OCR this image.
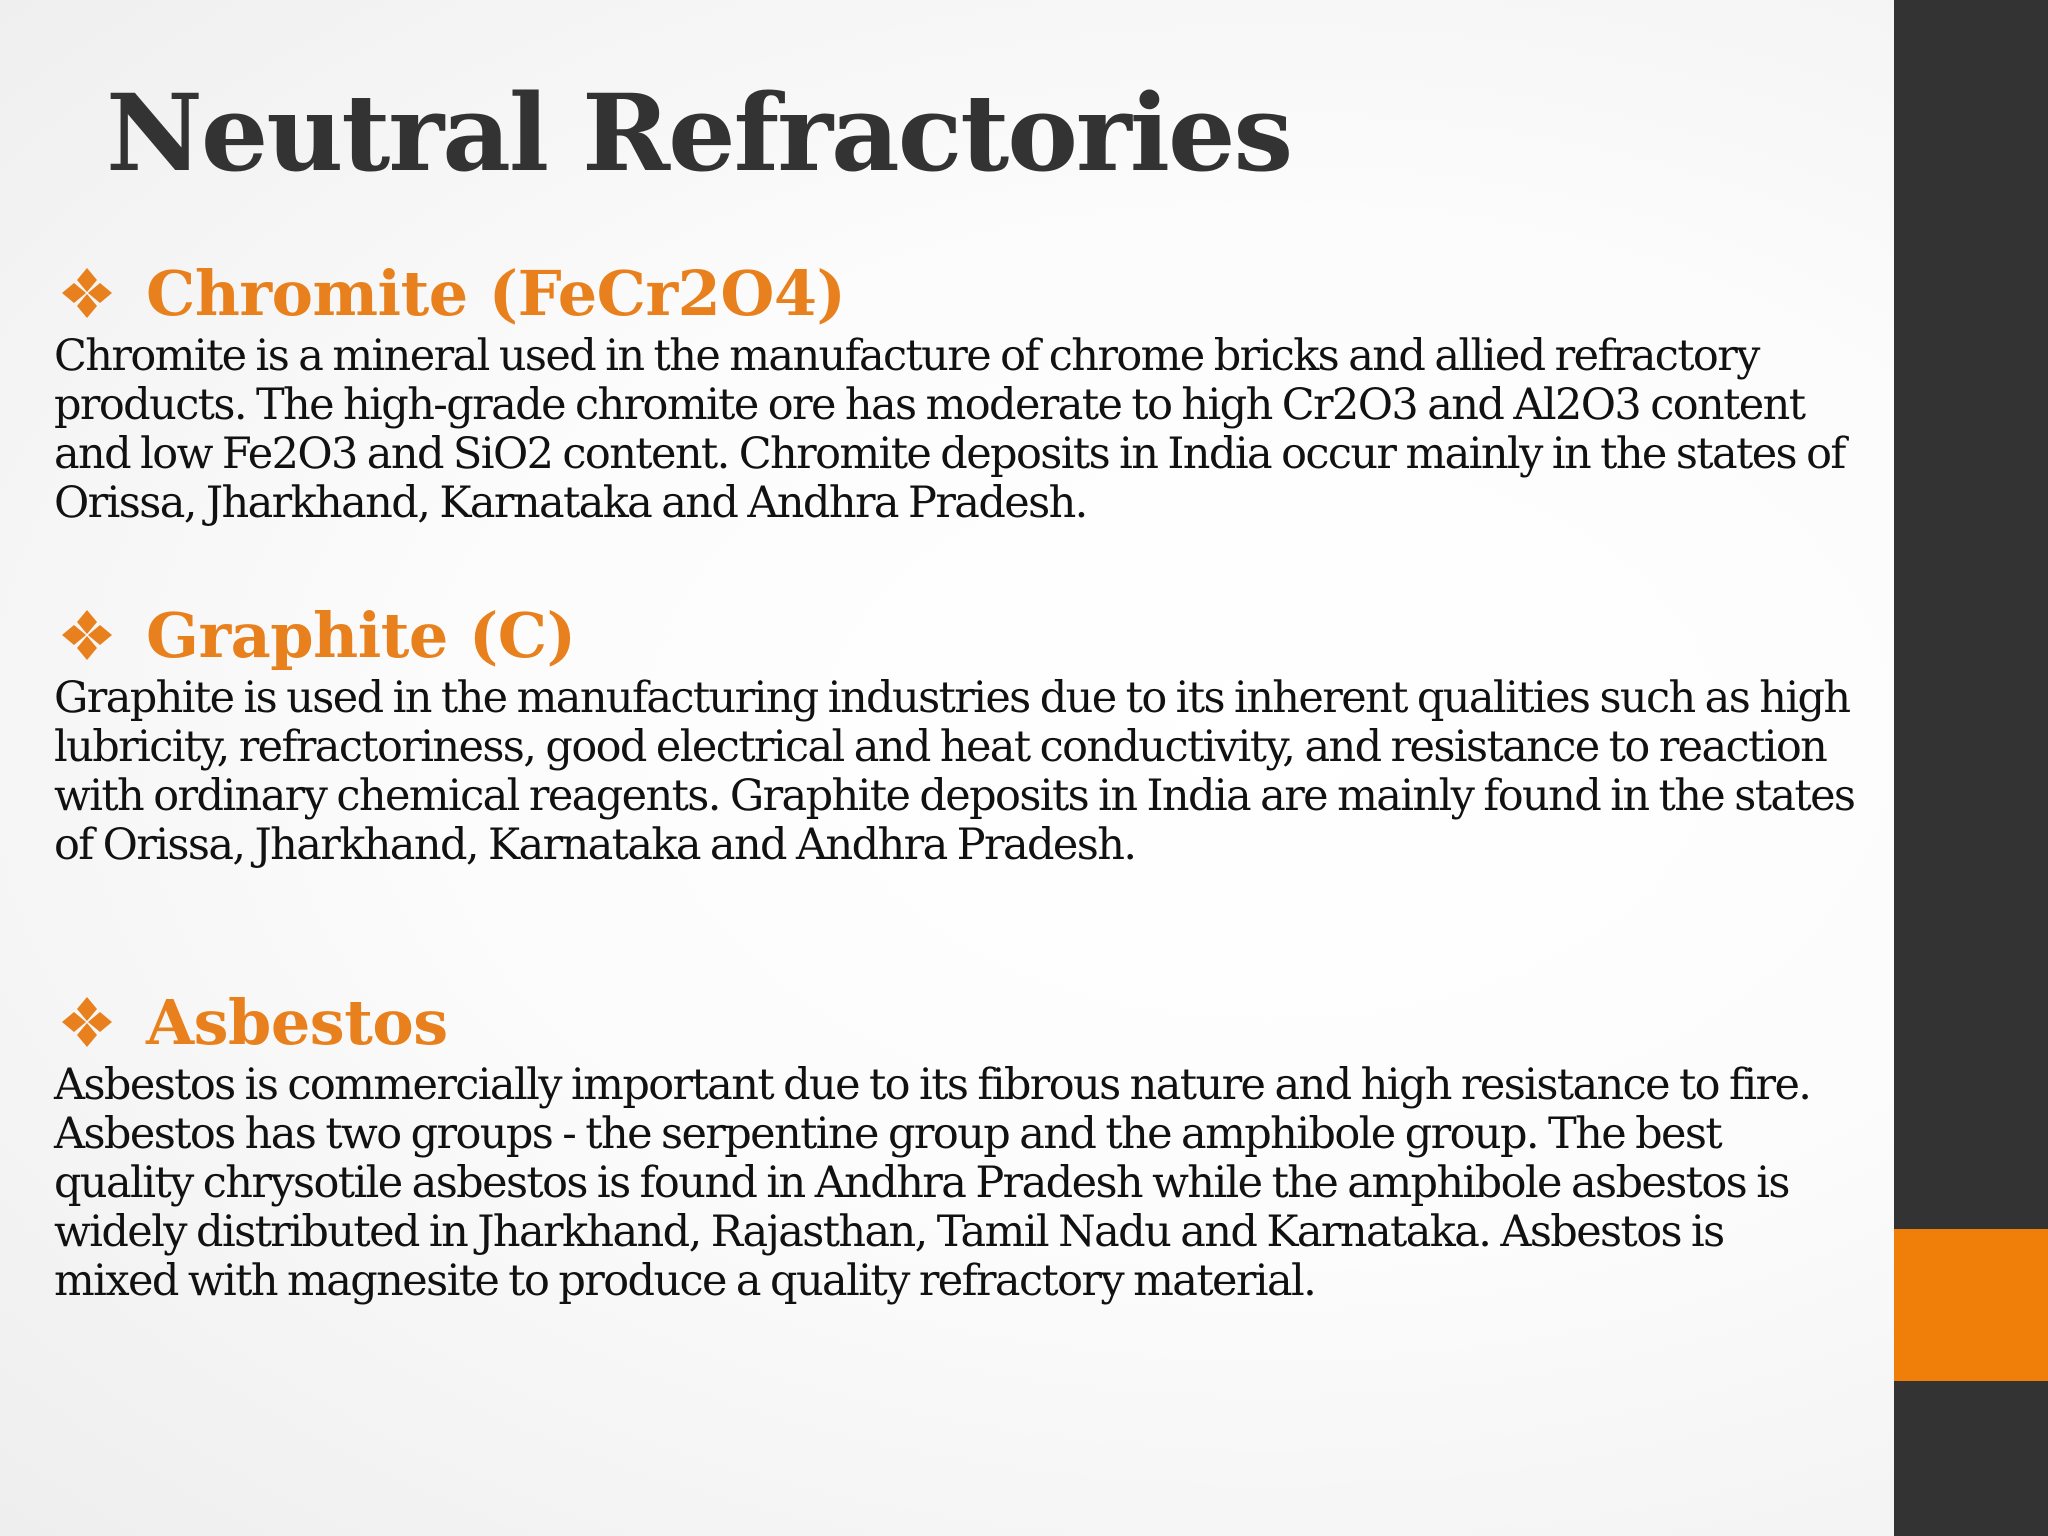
Neutral Refractories
Chromite (FeCr2O4)

Chromite is a mineral used in the manufacture of chrome bricks and allied refractory products. The high-grade chromite ore has moderate to high Cr2O3 and Al2O3 content and low Fe2O3 and SiO2 content. Chromite deposits in India occur mainly in the states of Orissa, Jharkhand, Karnataka and Andhra Pradesh.

Graphite (C)

Graphite is used in the manufacturing industries due to its inherent qualities such as high lubricity, refractoriness, good electrical and heat conductivity, and resistance to reaction with ordinary chemical reagents. Graphite deposits in India are mainly found in the states of Orissa, Jharkhand, Karnataka and Andhra Pradesh.

Asbestos

Asbestos is commercially important due to its fibrous nature and high resistance to fire. Asbestos has two groups - the serpentine group and the amphibole group. The best quality chrysotile asbestos is found in Andhra Pradesh while the amphibole asbestos is widely distributed in Jharkhand, Rajasthan, Tamil Nadu and Karnataka. Asbestos is mixed with magnesite to produce a quality refractory material.
